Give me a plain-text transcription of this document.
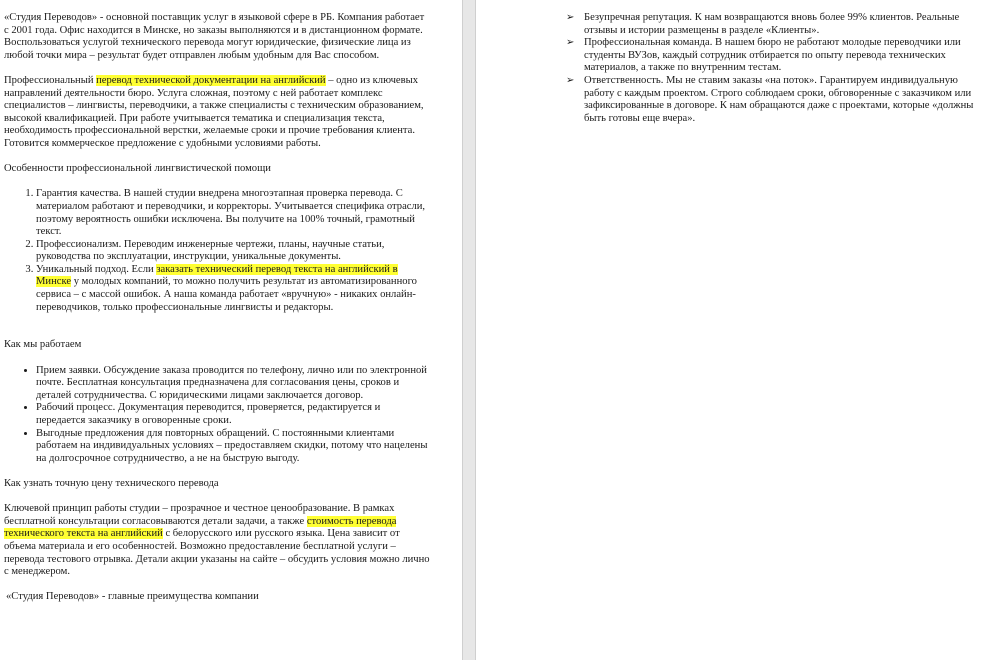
«Студия Переводов» - основной поставщик услуг в языковой сфере в РБ. Компания работает с 2001 года. Офис находится в Минске, но заказы выполняются и в дистанционном формате. Воспользоваться услугой технического перевода могут юридические, физические лица из любой точки мира – результат будет отправлен любым удобным для Вас способом.

Профессиональный перевод технической документации на английский – одно из ключевых направлений деятельности бюро. Услуга сложная, поэтому с ней работает комплекс специалистов – лингвисты, переводчики, а также специалисты с техническим образованием, высокой квалификацией. При работе учитывается тематика и специализация текста, необходимость профессиональной верстки, желаемые сроки и прочие требования клиента. Готовится коммерческое предложение с удобными условиями работы.

Особенности профессиональной лингвистической помощи

1. Гарантия качества. В нашей студии внедрена многоэтапная проверка перевода. С материалом работают и переводчики, и корректоры. Учитывается специфика отрасли, поэтому вероятность ошибки исключена. Вы получите на 100% точный, грамотный текст.
2. Профессионализм. Переводим инженерные чертежи, планы, научные статьи, руководства по эксплуатации, инструкции, уникальные документы.
3. Уникальный подход. Если заказать технический перевод текста на английский в Минске у молодых компаний, то можно получить результат из автоматизированного сервиса – с массой ошибок. А наша команда работает «вручную» - никаких онлайн-переводчиков, только профессиональные лингвисты и редакторы.

Как мы работаем

• Прием заявки. Обсуждение заказа проводится по телефону, лично или по электронной почте. Бесплатная консультация предназначена для согласования цены, сроков и деталей сотрудничества. С юридическими лицами заключается договор.
• Рабочий процесс. Документация переводится, проверяется, редактируется и передается заказчику в оговоренные сроки.
• Выгодные предложения для повторных обращений. С постоянными клиентами работаем на индивидуальных условиях – предоставляем скидки, потому что нацелены на долгосрочное сотрудничество, а не на быструю выгоду.

Как узнать точную цену технического перевода

Ключевой принцип работы студии – прозрачное и честное ценообразование. В рамках бесплатной консультации согласовываются детали задачи, а также стоимость перевода технического текста на английский с белорусского или русского языка. Цена зависит от объема материала и его особенностей. Возможно предоставление бесплатной услуги – перевода тестового отрывка. Детали акции указаны на сайте – обсудить условия можно лично с менеджером.

«Студия Переводов» - главные преимущества компании

➢ Безупречная репутация. К нам возвращаются вновь более 99% клиентов. Реальные отзывы и истории размещены в разделе «Клиенты».
➢ Профессиональная команда. В нашем бюро не работают молодые переводчики или студенты ВУЗов, каждый сотрудник отбирается по опыту перевода технических материалов, а также по внутренним тестам.
➢ Ответственность. Мы не ставим заказы «на поток». Гарантируем индивидуальную работу с каждым проектом. Строго соблюдаем сроки, обговоренные с заказчиком или зафиксированные в договоре. К нам обращаются даже с проектами, которые «должны быть готовы еще вчера».
